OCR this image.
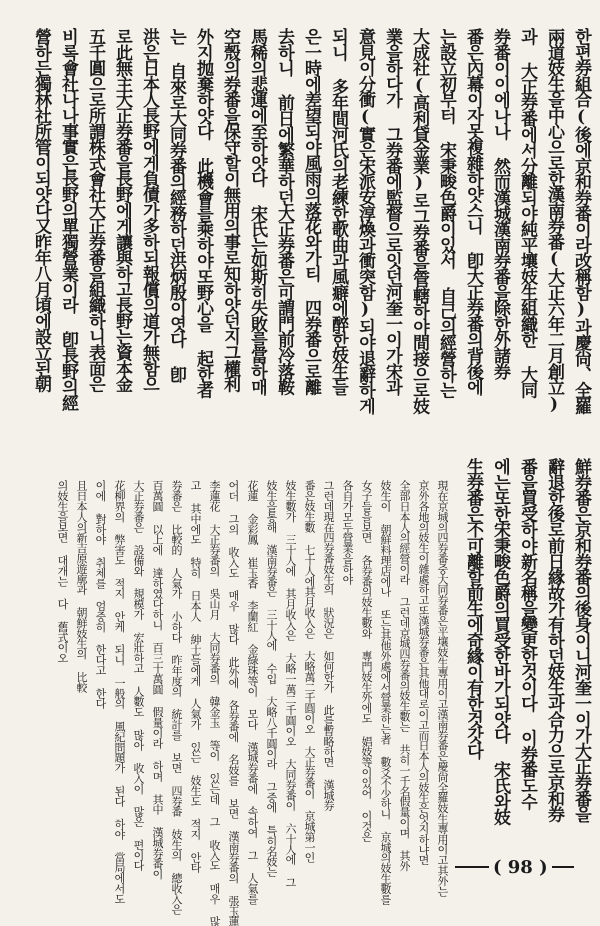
한편券組合(後에京和券番이라改稱함)과慶尙、全羅
兩道妓生을中心으로한漢南券番(大正六年二月創立)
과 大正券番에서分離되야純平壤妓生組織한 大同
券番이이에나나 然而漢城漢南券番을除한外諸券
番은內幕이자못複雜하얏스니 卽大正券番의背後에
는設立初부터 宋秉畯色爵이있서 自己의經營하는
大成社(高利貸金業)로그券番을管轄하야間接으로妓
業을하다가 그券番에監督으로잇던河奎一이가宋과
意見이分衝(實은宋派安淳煥과衝突함)되야退辭하게
되니 多年間河氏의老練한歌曲과風癖에醉한妓生들
은一時에差望되야風雨의落花와가티 四券番으로離
去하니 前日에繁華하던大正券番은可謂門前冷落鞍
馬稀의悲運에至하얏다 宋氏는如斯히失敗를當하매
空殼의券番을保守할이無用의事로知하얏던지그權利
外지抛棄하얏다 此機會를乘하야또野心을 起한者
는 自來로大同券番의經務하던洪炳殷이엿다 卽
洪은日本人長野에게負債가多하되報償의道가無함으
로此無主大正券番을長野에게讓與하고長野는資本金
五千圓으로所謂株式會社大正券番을組織하니表面은
비록會社나나事實은長野의單獨營業이라 卽長野의經
營하든獨林社所管이되얏다又昨年八月頃에設立된朝
鮮券番은京和券番의後身이니河奎一이가大正券番을
辭退한後로前日緣故가有하던妓生과合力으로京和券
番을買受하야新名稱을變更한것이다 이券番도수
에는또한宋秉畯色爵의買受한바가되얏다 宋氏와妓
生券番은不可離할前生에奇緣이有한것갓다
現在京城의四券番중大同券番은平壤妓生專用이고漢南券番은慶尙全羅妓生專用이고其外는
京外各地의妓生이雜處하고또漢城券番은其他대로이고而日本人의妓生은엇지하냐면
全部日本人의經營이라 그런데京城四券番의妓生數는 共히一千名假量이며 其外
妓生이 朝鮮料理店에나 또는其他外處에서營業하는者 數爻不少하니 京城의妓生數를
女子들을보면 各券番의妓生數와 專門妓生外에도 娼妓等이있어 이것은
各自가모두營業을하야
그런데現在四券番妓生의 狀況은 如何한가 此를暫略하면 漢城券
番은妓生數 七十人에其月收入은 大略萬二千圓이오 大正券番이 京城第一인
妓生數가 三十人에 其月收入은 大略一萬二千圓이오 大同券番이 六十人에 그
妓生을통해 漢南券番은 三十人에 수입 大略八千圓이라 그중에 특히名妓는
花蓮 金彩鳳 崔玉香 李蘭紅 金綠珠等이 모다 漢城券番에 속하여 그 人氣를
어더 그의 收入도 매우 많다 此外에 各券番에 名妓를 보면 漢南券番의 張玉蓮
李蓮花 大正券番의 吳山月 大同券番의 韓金玉 等이 있는데 그 收入도 매우 많
고 其中에도 特히 日本人 紳士들에게 人氣가 있는 妓生도 적지 안타
券番은 比較的 人氣가 小하다 昨年度의 統計를 보면 四券番 妓生의 總收入은
百萬圓 以上에 達하였다하니 百三十萬圓 假量이라 하며 其中 漢城券番이
大正券番은 設備와 規模가 宏壯하고 人數도 많아 收入이 많은 편이다
花柳界의 弊害도 적지 안케 되니 一般의 風紀問題가 된다 하야 當局에서도
이에 對하야 취체를 엄중히 한다고 한다
且日本人의新吉原遊廓과 朝鮮妓生의 比較
의妓生을보면 대개는 다 舊式이오
( 98 )
